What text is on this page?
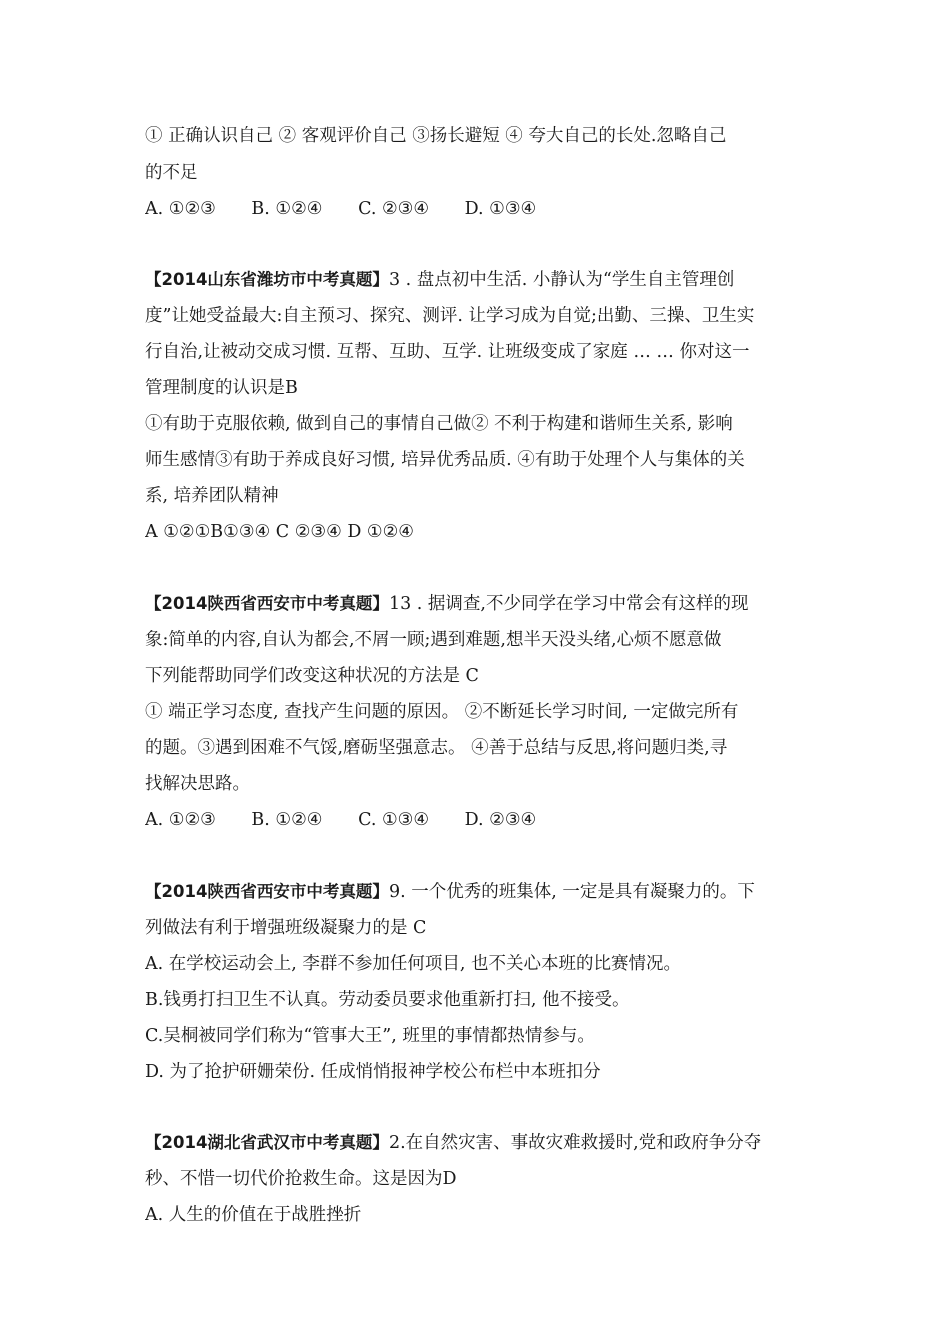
① 正确认识自己 ② 客观评价自己 ③扬长避短 ④ 夸大自己的长处.忽略自己
的不足
A. ①②③ B. ①②④ C. ②③④ D. ①③④
【2014山东省潍坊市中考真题】3 . 盘点初中生活. 小静认为“学生自主管理创
度”让她受益最大:自主预习、探究、测评. 让学习成为自觉;出勤、三操、卫生实
行自治,让被动交成习惯. 互帮、互助、互学. 让班级变成了家庭 … … 你对这一
管理制度的认识是B
①有助于克服依赖, 做到自己的事情自己做② 不利于构建和谐师生关系, 影响
师生感情③有助于养成良好习惯, 培异优秀品质. ④有助于处理个人与集体的关
系, 培养团队精神
A ①②①B①③④ C ②③④ D ①②④
【2014陕西省西安市中考真题】13 . 据调查,不少同学在学习中常会有这样的现
象:简单的内容,自认为都会,不屑一顾;遇到难题,想半天没头绪,心烦不愿意做
下列能帮助同学们改变这种状况的方法是 C
① 端正学习态度, 查找产生问题的原因。 ②不断延长学习时间, 一定做完所有
的题。③遇到困难不气馁,磨砺坚强意志。 ④善于总结与反思,将问题归类,寻
找解决思路。
A. ①②③ B. ①②④ C. ①③④ D. ②③④
【2014陕西省西安市中考真题】9. 一个优秀的班集体, 一定是具有凝聚力的。下
列做法有利于增强班级凝聚力的是 C
A. 在学校运动会上, 李群不参加任何项目, 也不关心本班的比赛情况。
B.钱勇打扫卫生不认真。劳动委员要求他重新打扫, 他不接受。
C.吴桐被同学们称为“管事大王”, 班里的事情都热情参与。
D. 为了抢护研姗荣份. 任成悄悄报神学校公布栏中本班扣分
【2014湖北省武汉市中考真题】2.在自然灾害、事故灾难救援时,党和政府争分夺
秒、不惜一切代价抢救生命。这是因为D
A. 人生的价值在于战胜挫折
